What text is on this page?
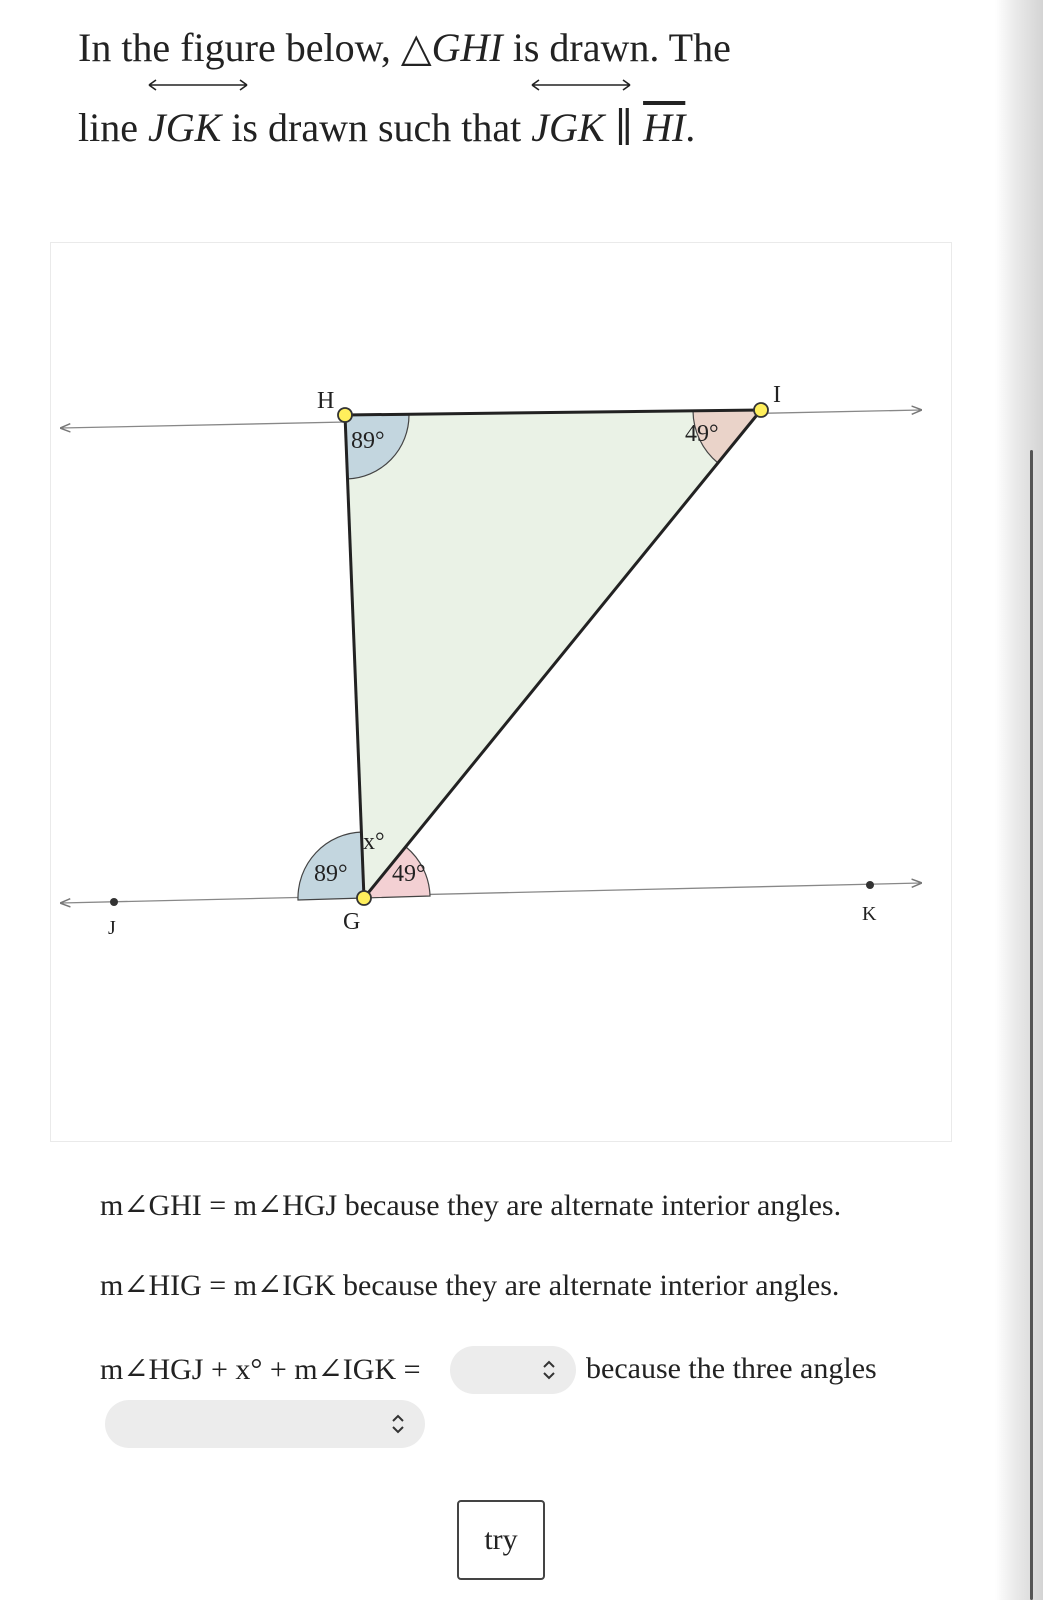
In the figure below, △GHI is drawn. The
line
JGK is drawn such that
JGK ∥ $\overline{HI}$.

H	I
G
J
K
89°	49°
89°
x°
49°
m∠GHI = m∠HGJ because they are alternate interior angles.
m∠HIG = m∠IGK because they are alternate interior angles.
m∠HGJ + x° + m∠IGK =	because the three angles
try
